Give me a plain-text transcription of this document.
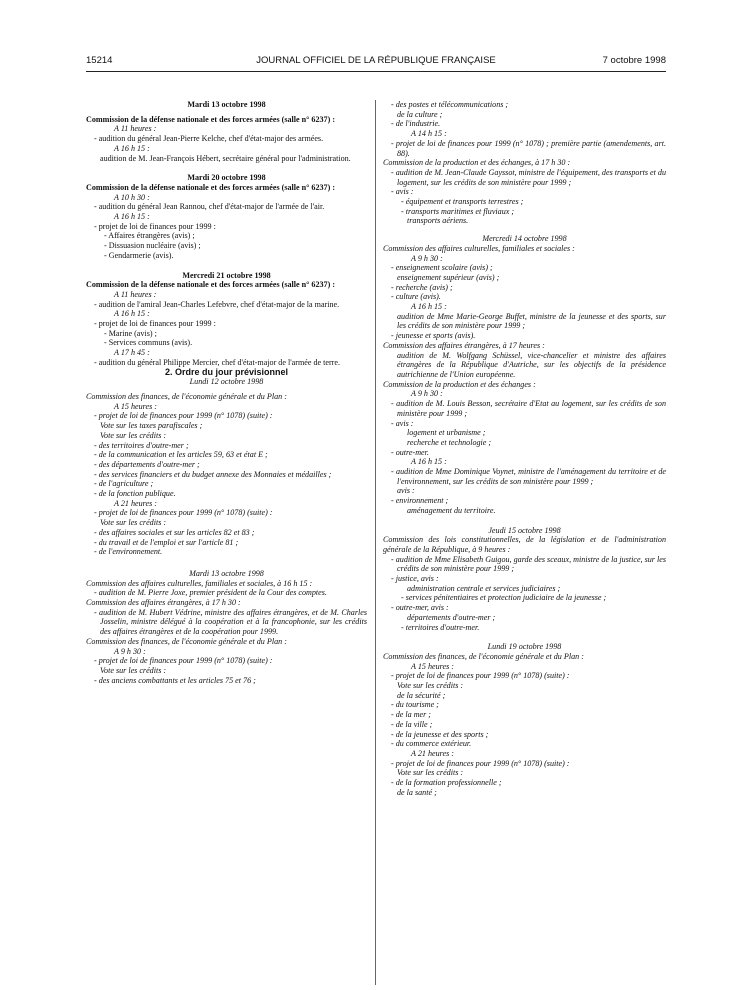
15214	JOURNAL OFFICIEL DE LA RÉPUBLIQUE FRANÇAISE	7 octobre 1998

Mardi 13 octobre 1998

Commission de la défense nationale et des forces armées (salle n° 6237) :

A 11 heures :

- audition du général Jean-Pierre Kelche, chef d'état-major des armées.

A 16 h 15 :

audition de M. Jean-François Hébert, secrétaire général pour l'administration.

Mardi 20 octobre 1998

Commission de la défense nationale et des forces armées (salle n° 6237) :

A 10 h 30 :

- audition du général Jean Rannou, chef d'état-major de l'armée de l'air.

A 16 h 15 :

- projet de loi de finances pour 1999 :

- Affaires étrangères (avis) ;

- Dissuasion nucléaire (avis) ;

- Gendarmerie (avis).

Mercredi 21 octobre 1998

Commission de la défense nationale et des forces armées (salle n° 6237) :

A 11 heures :

- audition de l'amiral Jean-Charles Lefebvre, chef d'état-major de la marine.

A 16 h 15 :

- projet de loi de finances pour 1999 :

- Marine (avis) ;

- Services communs (avis).

A 17 h 45 :

- audition du général Philippe Mercier, chef d'état-major de l'armée de terre.

2. Ordre du jour prévisionnel

Lundi 12 octobre 1998

Commission des finances, de l'économie générale et du Plan :

A 15 heures :

- projet de loi de finances pour 1999 (n° 1078) (suite) :

Vote sur les taxes parafiscales ;

Vote sur les crédits :

- des territoires d'outre-mer ;

- de la communication et les articles 59, 63 et état E ;

- des départements d'outre-mer ;

- des services financiers et du budget annexe des Monnaies et médailles ;

- de l'agriculture ;

- de la fonction publique.

A 21 heures :

- projet de loi de finances pour 1999 (n° 1078) (suite) :

Vote sur les crédits :

- des affaires sociales et sur les articles 82 et 83 ;

- du travail et de l'emploi et sur l'article 81 ;

- de l'environnement.

Mardi 13 octobre 1998

Commission des affaires culturelles, familiales et sociales, à 16 h 15 :

- audition de M. Pierre Joxe, premier président de la Cour des comptes.

Commission des affaires étrangères, à 17 h 30 :

- audition de M. Hubert Védrine, ministre des affaires étrangères, et de M. Charles Josselin, ministre délégué à la coopération et à la francophonie, sur les crédits des affaires étrangères et de la coopération pour 1999.

Commission des finances, de l'économie générale et du Plan :

A 9 h 30 :

- projet de loi de finances pour 1999 (n° 1078) (suite) :

Vote sur les crédits :

- des anciens combattants et les articles 75 et 76 ;

- des postes et télécommunications ;

de la culture ;

- de l'industrie.

A 14 h 15 :

- projet de loi de finances pour 1999 (n° 1078) ; première partie (amendements, art. 88).

Commission de la production et des échanges, à 17 h 30 :

- audition de M. Jean-Claude Gayssot, ministre de l'équipement, des transports et du logement, sur les crédits de son ministère pour 1999 ;

- avis :

- équipement et transports terrestres ;

- transports maritimes et fluviaux ;

transports aériens.

Mercredi 14 octobre 1998

Commission des affaires culturelles, familiales et sociales :

A 9 h 30 :

- enseignement scolaire (avis) ;

enseignement supérieur (avis) ;

- recherche (avis) ;

- culture (avis).

A 16 h 15 :

audition de Mme Marie-George Buffet, ministre de la jeunesse et des sports, sur les crédits de son ministère pour 1999 ;

- jeunesse et sports (avis).

Commission des affaires étrangères, à 17 heures :

audition de M. Wolfgang Schüssel, vice-chancelier et ministre des affaires étrangères de la République d'Autriche, sur les objectifs de la présidence autrichienne de l'Union européenne.

Commission de la production et des échanges :

A 9 h 30 :

- audition de M. Louis Besson, secrétaire d'Etat au logement, sur les crédits de son ministère pour 1999 ;

- avis :

logement et urbanisme ;

recherche et technologie ;

- outre-mer.

A 16 h 15 :

- audition de Mme Dominique Voynet, ministre de l'aménagement du territoire et de l'environnement, sur les crédits de son ministère pour 1999 ;

avis :

- environnement ;

aménagement du territoire.

Jeudi 15 octobre 1998

Commission des lois constitutionnelles, de la législation et de l'administration générale de la République, à 9 heures :

- audition de Mme Elisabeth Guigou, garde des sceaux, ministre de la justice, sur les crédits de son ministère pour 1999 ;

- justice, avis :

administration centrale et services judiciaires ;

- services pénitentiaires et protection judiciaire de la jeunesse ;

- outre-mer, avis :

départements d'outre-mer ;

- territoires d'outre-mer.

Lundi 19 octobre 1998

Commission des finances, de l'économie générale et du Plan :

A 15 heures :

- projet de loi de finances pour 1999 (n° 1078) (suite) :

Vote sur les crédits :

de la sécurité ;

- du tourisme ;

- de la mer ;

- de la ville ;

- de la jeunesse et des sports ;

- du commerce extérieur.

A 21 heures :

- projet de loi de finances pour 1999 (n° 1078) (suite) :

Vote sur les crédits :

- de la formation professionnelle ;

de la santé ;
